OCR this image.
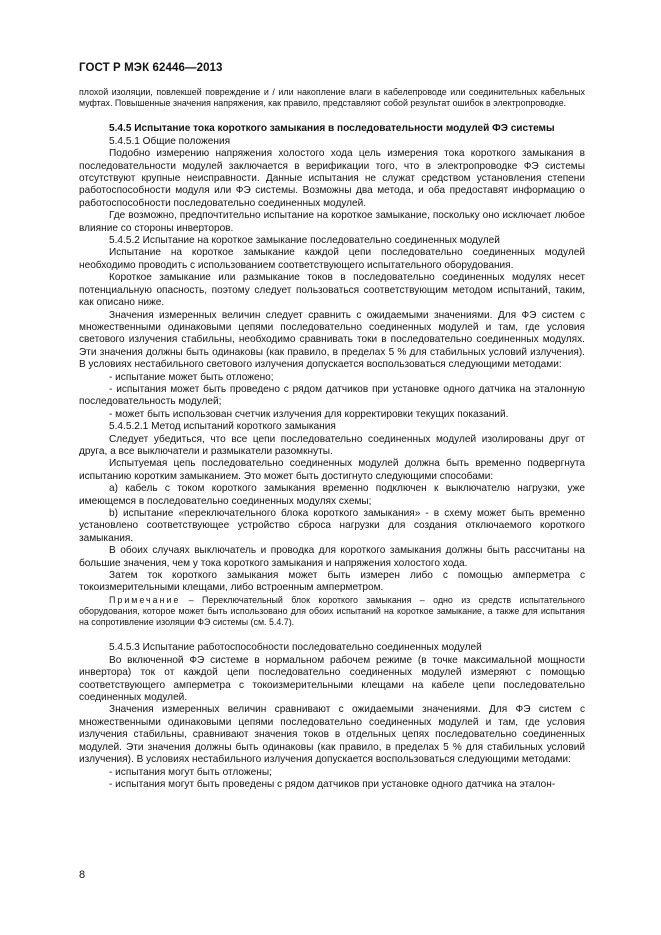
ГОСТ Р МЭК 62446—2013

плохой изоляции, повлекшей повреждение и / или накопление влаги в кабелепроводе или соединительных кабельных муфтах. Повышенные значения напряжения, как правило, представляют собой результат ошибок в электропроводке.

5.4.5 Испытание тока короткого замыкания в последовательности модулей ФЭ системы

5.4.5.1 Общие положения

Подобно измерению напряжения холостого хода цель измерения тока короткого замыкания в последовательности модулей заключается в верификации того, что в электропроводке ФЭ системы отсутствуют крупные неисправности. Данные испытания не служат средством установления степени работоспособности модуля или ФЭ системы. Возможны два метода, и оба предоставят информацию о работоспособности последовательно соединенных модулей.

Где возможно, предпочтительно испытание на короткое замыкание, поскольку оно исключает любое влияние со стороны инверторов.

5.4.5.2 Испытание на короткое замыкание последовательно соединенных модулей

Испытание на короткое замыкание каждой цепи последовательно соединенных модулей необходимо проводить с использованием соответствующего испытательного оборудования.

Короткое замыкание или размыкание токов в последовательно соединенных модулях несет потенциальную опасность, поэтому следует пользоваться соответствующим методом испытаний, таким, как описано ниже.

Значения измеренных величин следует сравнить с ожидаемыми значениями. Для ФЭ систем с множественными одинаковыми цепями последовательно соединенных модулей и там, где условия светового излучения стабильны, необходимо сравнивать токи в последовательно соединенных модулях. Эти значения должны быть одинаковы (как правило, в пределах 5 % для стабильных условий излучения). В условиях нестабильного светового излучения допускается воспользоваться следующими методами:

- испытание может быть отложено;

- испытания может быть проведено с рядом датчиков при установке одного датчика на эталонную последовательность модулей;

- может быть использован счетчик излучения для корректировки текущих показаний.

5.4.5.2.1 Метод испытаний короткого замыкания

Следует убедиться, что все цепи последовательно соединенных модулей изолированы друг от друга, а все выключатели и размыкатели разомкнуты.

Испытуемая цепь последовательно соединенных модулей должна быть временно подвергнута испытанию коротким замыканием. Это может быть достигнуто следующими способами:

а) кабель с током короткого замыкания временно подключен к выключателю нагрузки, уже имеющемся в последовательно соединенных модулях схемы;

b) испытание «переключательного блока короткого замыкания» - в схему может быть временно установлено соответствующее устройство сброса нагрузки для создания отключаемого короткого замыкания.

В обоих случаях выключатель и проводка для короткого замыкания должны быть рассчитаны на большие значения, чем у тока короткого замыкания и напряжения холостого хода.

Затем ток короткого замыкания может быть измерен либо с помощью амперметра с токоизмерительными клещами, либо встроенным амперметром.

Примечание – Переключательный блок короткого замыкания – одно из средств испытательного оборудования, которое может быть использовано для обоих испытаний на короткое замыкание, а также для испытания на сопротивление изоляции ФЭ системы (см. 5.4.7).

5.4.5.3 Испытание работоспособности последовательно соединенных модулей

Во включенной ФЭ системе в нормальном рабочем режиме (в точке максимальной мощности инвертора) ток от каждой цепи последовательно соединенных модулей измеряют с помощью соответствующего амперметра с токоизмерительными клещами на кабеле цепи последовательно соединенных модулей.

Значения измеренных величин сравнивают с ожидаемыми значениями. Для ФЭ систем с множественными одинаковыми цепями последовательно соединенных модулей и там, где условия излучения стабильны, сравнивают значения токов в отдельных цепях последовательно соединенных модулей. Эти значения должны быть одинаковы (как правило, в пределах 5 % для стабильных условий излучения). В условиях нестабильного излучения допускается воспользоваться следующими методами:

- испытания могут быть отложены;

- испытания могут быть проведены с рядом датчиков при установке одного датчика на эталон-

8
